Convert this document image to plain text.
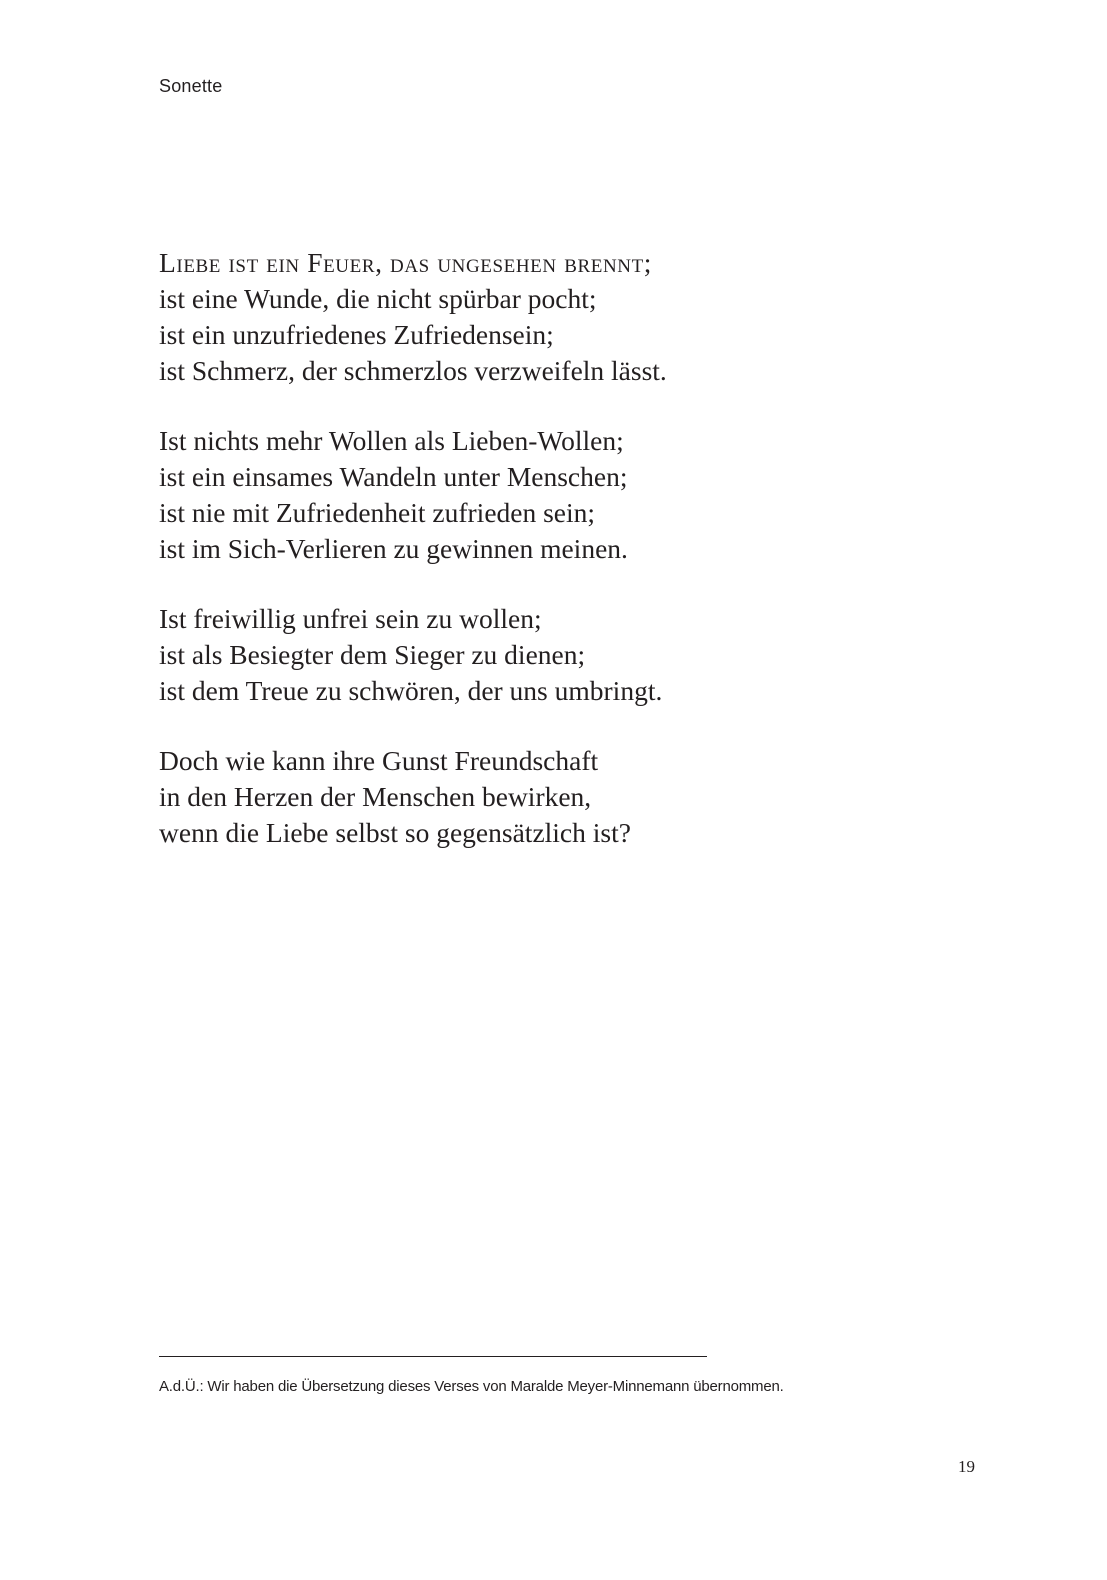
Sonette
Liebe ist ein Feuer, das ungesehen brennt;
ist eine Wunde, die nicht spürbar pocht;
ist ein unzufriedenes Zufriedensein;
ist Schmerz, der schmerzlos verzweifeln lässt.
Ist nichts mehr Wollen als Lieben-Wollen;
ist ein einsames Wandeln unter Menschen;
ist nie mit Zufriedenheit zufrieden sein;
ist im Sich-Verlieren zu gewinnen meinen.
Ist freiwillig unfrei sein zu wollen;
ist als Besiegter dem Sieger zu dienen;
ist dem Treue zu schwören, der uns umbringt.
Doch wie kann ihre Gunst Freundschaft
in den Herzen der Menschen bewirken,
wenn die Liebe selbst so gegensätzlich ist?
A.d.Ü.: Wir haben die Übersetzung dieses Verses von Maralde Meyer-Minnemann übernommen.
19
